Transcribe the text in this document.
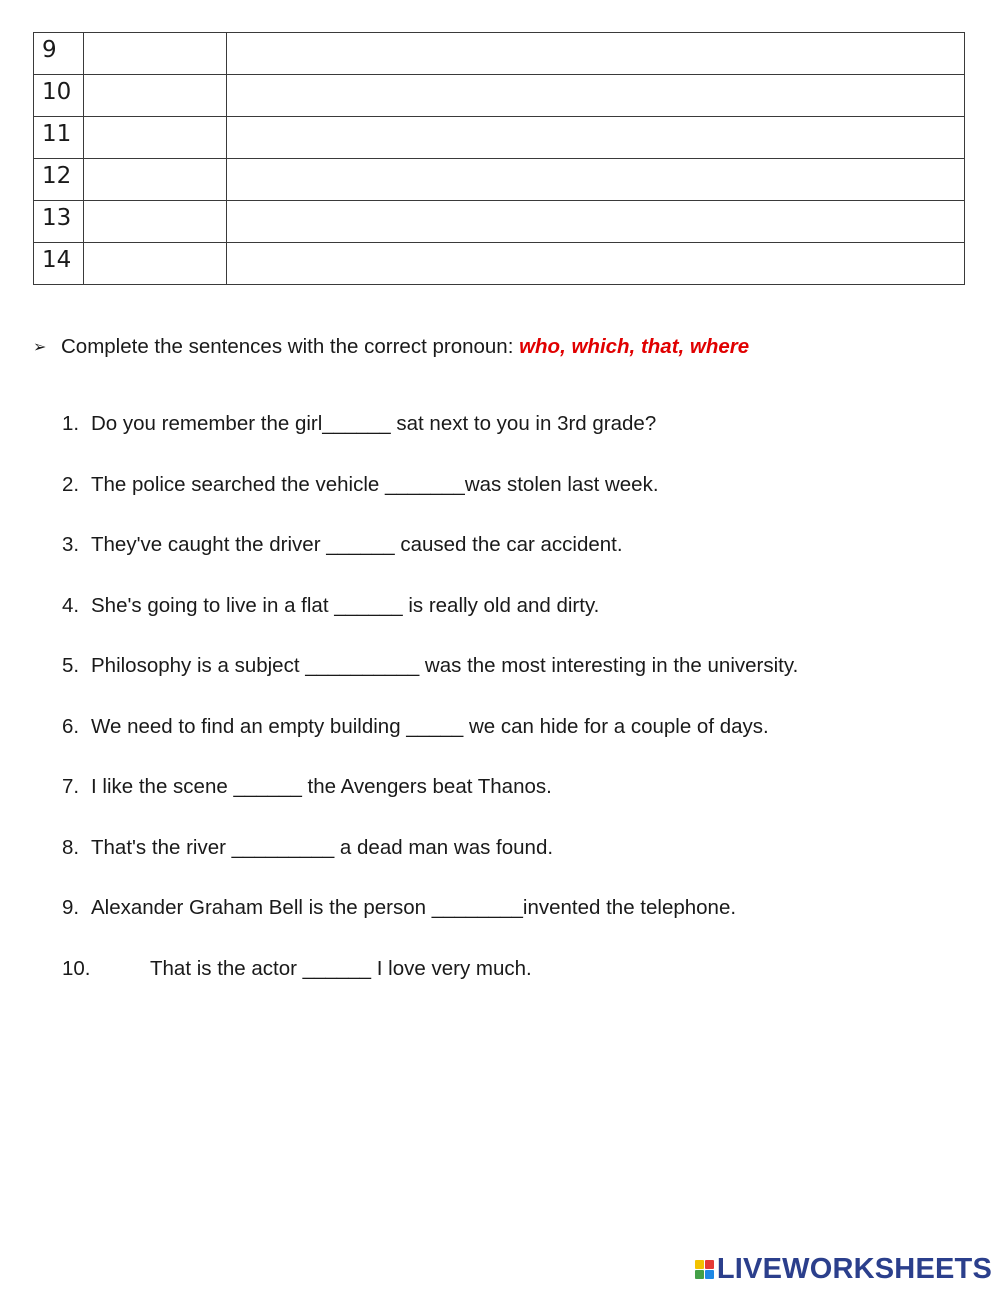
9		
10		
11		
12		
13		
14		
➢ Complete the sentences with the correct pronoun: who, which, that, where
1. Do you remember the girl______ sat next to you in 3rd grade?
2. The police searched the vehicle _______was stolen last week.
3. They've caught the driver ______ caused the car accident.
4. She's going to live in a flat ______ is really old and dirty.
5. Philosophy is a subject __________ was the most interesting in the university.
6. We need to find an empty building _____ we can hide for a couple of days.
7. I like the scene ______ the Avengers beat Thanos.
8. That's the river _________ a dead man was found.
9. Alexander Graham Bell is the person ________invented the telephone.
10.	That is the actor ______ I love very much.
LIVEWORKSHEETS
